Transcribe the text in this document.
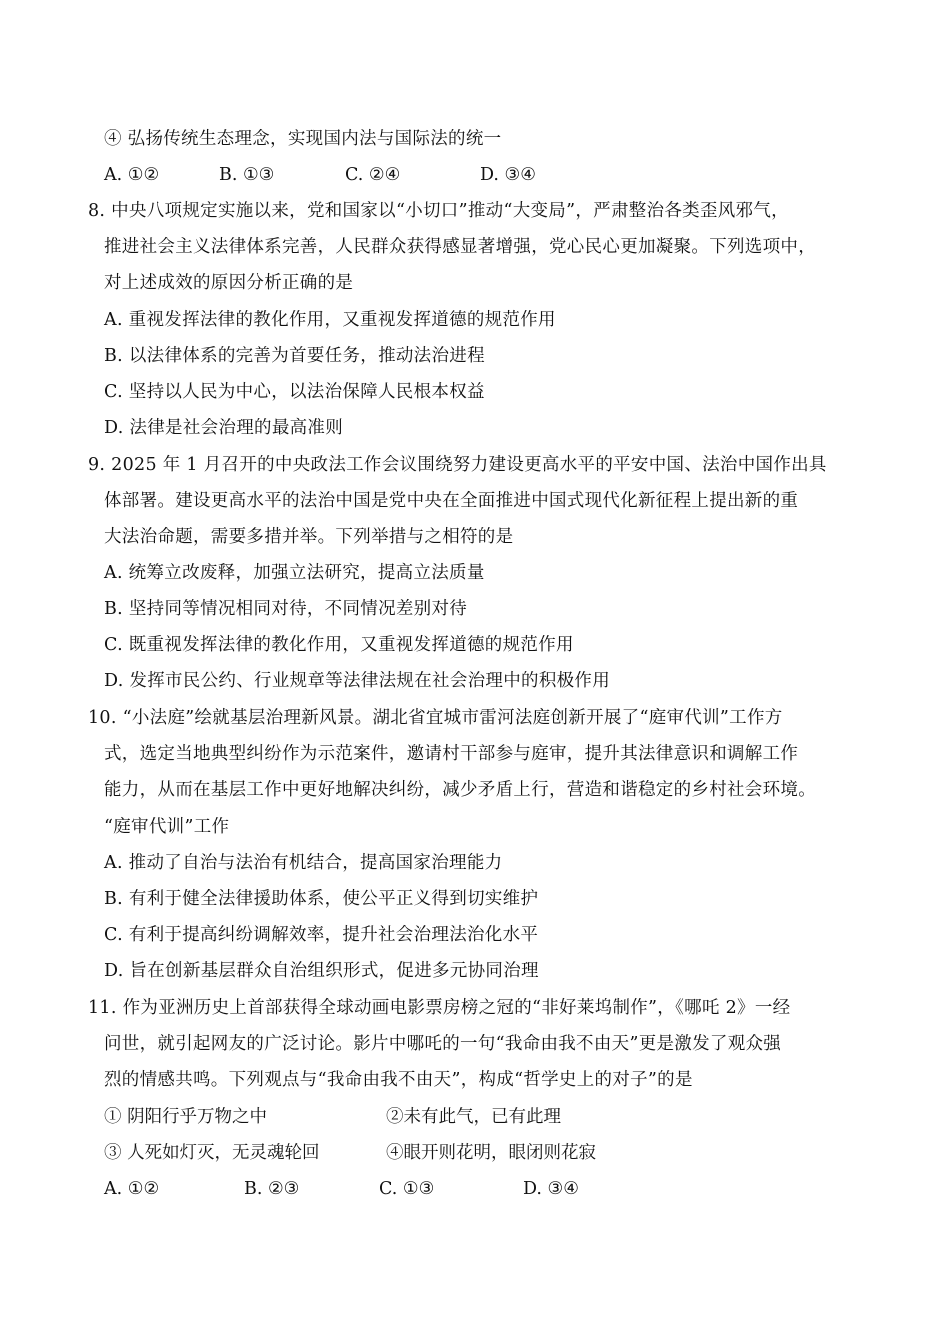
④ 弘扬传统生态理念，实现国内法与国际法的统一
A. ①②	B. ①③	C. ②④	D. ③④
8. 中央八项规定实施以来，党和国家以“小切口”推动“大变局”，严肃整治各类歪风邪气，
推进社会主义法律体系完善，人民群众获得感显著增强，党心民心更加凝聚。下列选项中，
对上述成效的原因分析正确的是
A. 重视发挥法律的教化作用，又重视发挥道德的规范作用
B. 以法律体系的完善为首要任务，推动法治进程
C. 坚持以人民为中心，以法治保障人民根本权益
D. 法律是社会治理的最高准则
9. 2025 年 1 月召开的中央政法工作会议围绕努力建设更高水平的平安中国、法治中国作出具
体部署。建设更高水平的法治中国是党中央在全面推进中国式现代化新征程上提出新的重
大法治命题，需要多措并举。下列举措与之相符的是
A. 统筹立改废释，加强立法研究，提高立法质量
B. 坚持同等情况相同对待，不同情况差别对待
C. 既重视发挥法律的教化作用，又重视发挥道德的规范作用
D. 发挥市民公约、行业规章等法律法规在社会治理中的积极作用
10. “小法庭”绘就基层治理新风景。湖北省宜城市雷河法庭创新开展了“庭审代训”工作方
式，选定当地典型纠纷作为示范案件，邀请村干部参与庭审，提升其法律意识和调解工作
能力，从而在基层工作中更好地解决纠纷，减少矛盾上行，营造和谐稳定的乡村社会环境。
“庭审代训”工作
A. 推动了自治与法治有机结合，提高国家治理能力
B. 有利于健全法律援助体系，使公平正义得到切实维护
C. 有利于提高纠纷调解效率，提升社会治理法治化水平
D. 旨在创新基层群众自治组织形式，促进多元协同治理
11. 作为亚洲历史上首部获得全球动画电影票房榜之冠的“非好莱坞制作”，《哪吒 2》一经
问世，就引起网友的广泛讨论。影片中哪吒的一句“我命由我不由天”更是激发了观众强
烈的情感共鸣。下列观点与“我命由我不由天”，构成“哲学史上的对子”的是
① 阴阳行乎万物之中	②未有此气，已有此理
③ 人死如灯灭，无灵魂轮回	④眼开则花明，眼闭则花寂
A. ①②	B. ②③	C. ①③	D. ③④
